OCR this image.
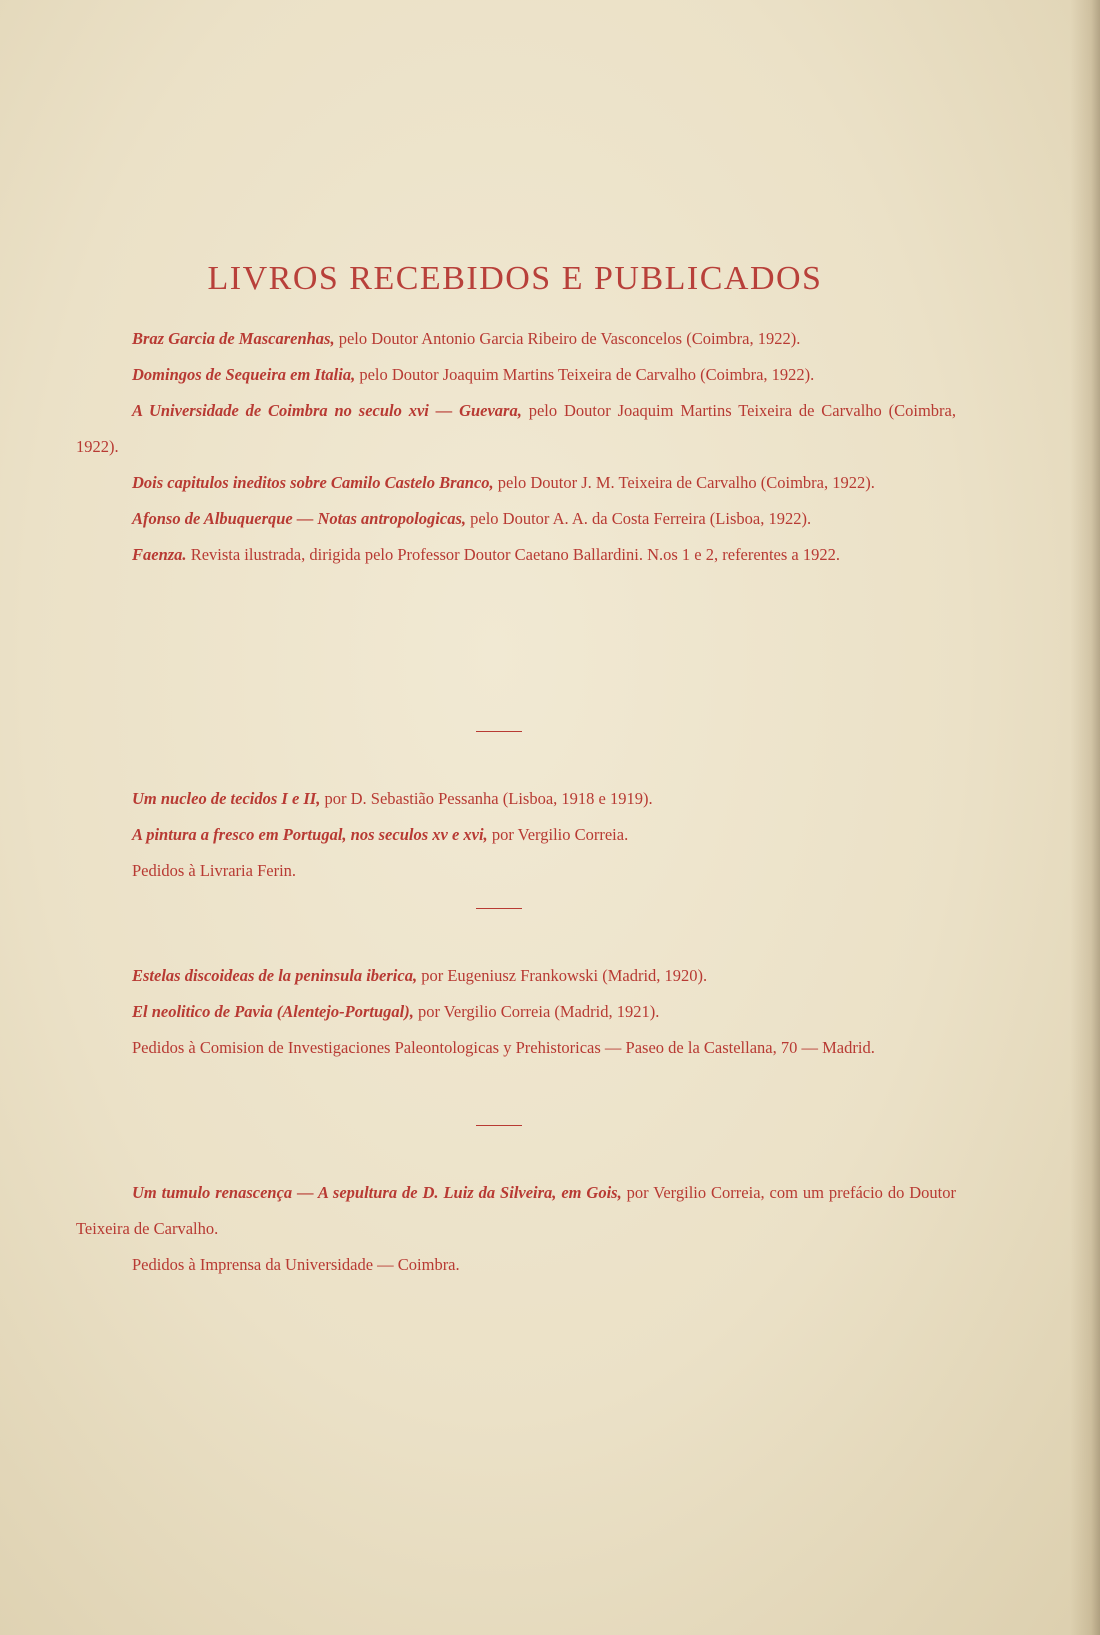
LIVROS RECEBIDOS E PUBLICADOS

Braz Garcia de Mascarenhas, pelo Doutor Antonio Garcia Ribeiro de Vasconcelos (Coimbra, 1922).

Domingos de Sequeira em Italia, pelo Doutor Joaquim Martins Teixeira de Carvalho (Coimbra, 1922).

A Universidade de Coimbra no seculo xvi — Guevara, pelo Doutor Joaquim Martins Teixeira de Carvalho (Coimbra, 1922).

Dois capitulos ineditos sobre Camilo Castelo Branco, pelo Doutor J. M. Teixeira de Carvalho (Coimbra, 1922).

Afonso de Albuquerque — Notas antropologicas, pelo Doutor A. A. da Costa Ferreira (Lisboa, 1922).

Faenza. Revista ilustrada, dirigida pelo Professor Doutor Caetano Ballardini. N.os 1 e 2, referentes a 1922.

Um nucleo de tecidos I e II, por D. Sebastião Pessanha (Lisboa, 1918 e 1919).

A pintura a fresco em Portugal, nos seculos xv e xvi, por Vergilio Correia.

Pedidos à Livraria Ferin.

Estelas discoideas de la peninsula iberica, por Eugeniusz Frankowski (Madrid, 1920).

El neolitico de Pavia (Alentejo-Portugal), por Vergilio Correia (Madrid, 1921).

Pedidos à Comision de Investigaciones Paleontologicas y Prehistoricas — Paseo de la Castellana, 70 — Madrid.

Um tumulo renascença — A sepultura de D. Luiz da Silveira, em Gois, por Vergilio Correia, com um prefácio do Doutor Teixeira de Carvalho.

Pedidos à Imprensa da Universidade — Coimbra.
